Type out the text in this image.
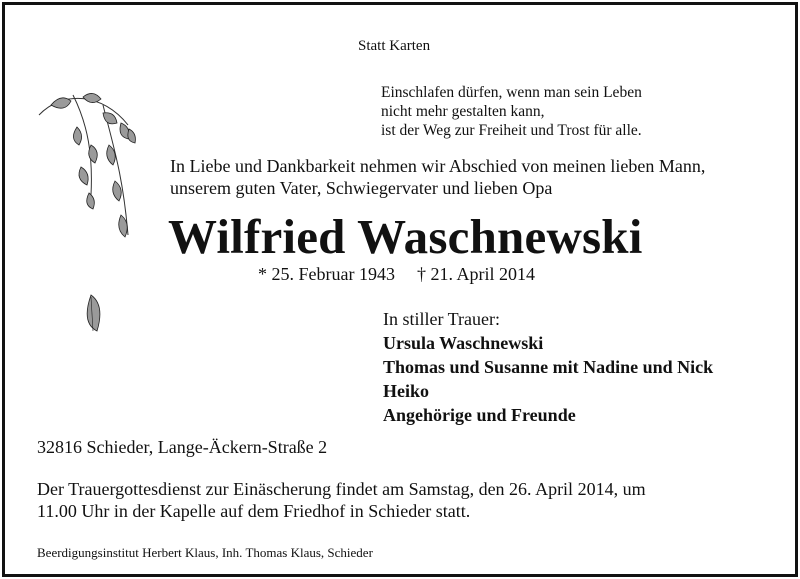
Statt Karten
Einschlafen dürfen, wenn man sein Leben
nicht mehr gestalten kann,
ist der Weg zur Freiheit und Trost für alle.
In Liebe und Dankbarkeit nehmen wir Abschied von meinen lieben Mann,
unserem guten Vater, Schwiegervater und lieben Opa
Wilfried Waschnewski
* 25. Februar 1943 † 21. April 2014
In stiller Trauer:
Ursula Waschnewski
Thomas und Susanne mit Nadine und Nick
Heiko
Angehörige und Freunde
32816 Schieder, Lange-Äckern-Straße 2
Der Trauergottesdienst zur Einäscherung findet am Samstag, den 26. April 2014, um
11.00 Uhr in der Kapelle auf dem Friedhof in Schieder statt.
Beerdigungsinstitut Herbert Klaus, Inh. Thomas Klaus, Schieder
